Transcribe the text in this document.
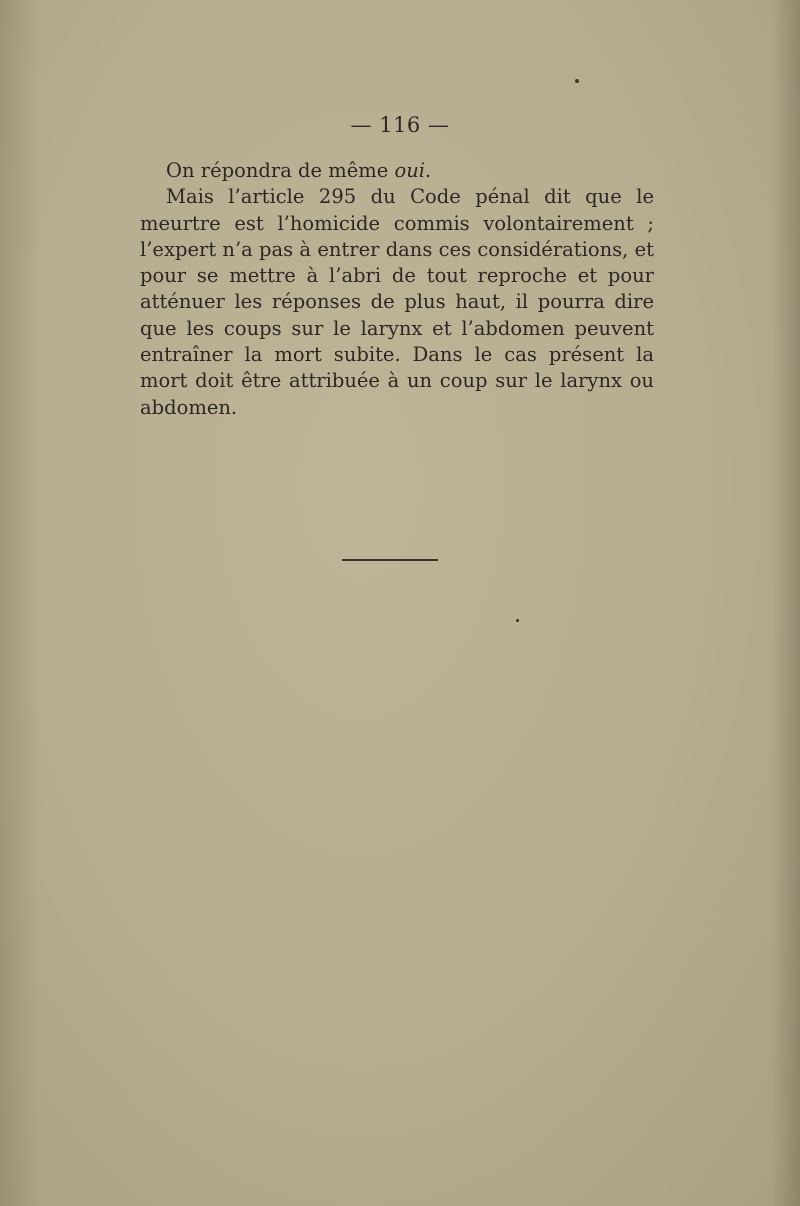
— 116 —

On répondra de même oui.

Mais l’article 295 du Code pénal dit que le meurtre est l’homicide commis volontairement ; l’expert n’a pas à entrer dans ces considérations, et pour se mettre à l’abri de tout reproche et pour atténuer les réponses de plus haut, il pourra dire que les coups sur le larynx et l’abdomen peuvent entraîner la mort subite. Dans le cas présent la mort doit être attribuée à un coup sur le larynx ou abdomen.
